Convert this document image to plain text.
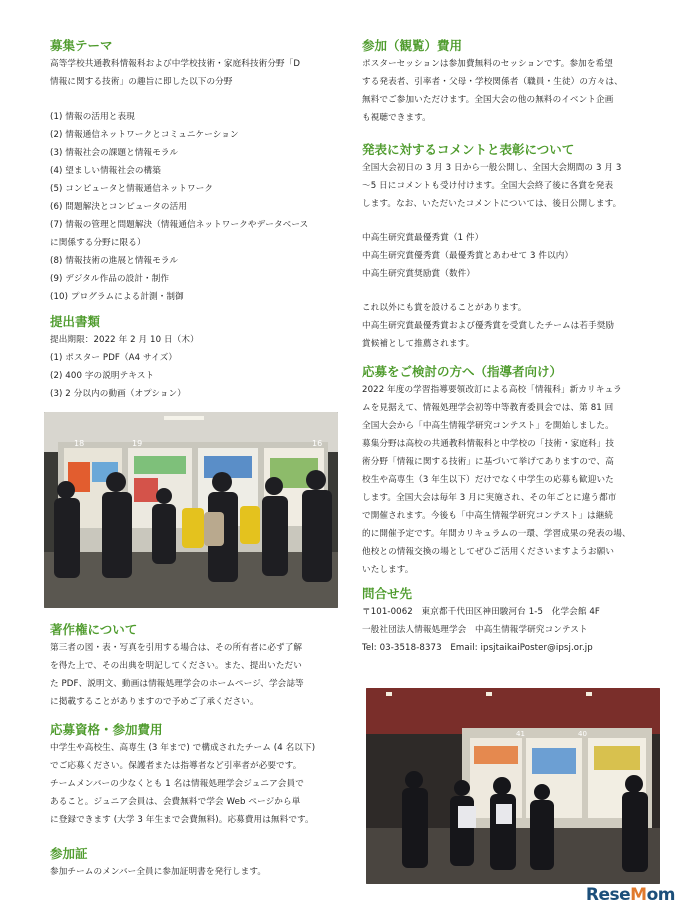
募集テーマ

高等学校共通教科情報科および中学校技術・家庭科技術分野「D
情報に関する技術」の趣旨に即した以下の分野

(1) 情報の活用と表現
(2) 情報通信ネットワークとコミュニケーション
(3) 情報社会の課題と情報モラル
(4) 望ましい情報社会の構築
(5) コンピュータと情報通信ネットワーク
(6) 問題解決とコンピュータの活用
(7) 情報の管理と問題解決（情報通信ネットワークやデータベース
に関係する分野に限る）
(8) 情報技術の進展と情報モラル
(9) デジタル作品の設計・制作
(10) プログラムによる計測・制御

提出書類

提出期限：2022 年 2 月 10 日（木）
(1) ポスター PDF（A4 サイズ）
(2) 400 字の説明テキスト
(3) 2 分以内の動画（オプション）

著作権について

第三者の図・表・写真を引用する場合は、その所有者に必ず了解
を得た上で、その出典を明記してください。また、提出いただい
た PDF、説明文、動画は情報処理学会のホームページ、学会誌等
に掲載することがありますので予めご了承ください。

応募資格・参加費用

中学生や高校生、高専生 (3 年まで) で構成されたチーム (4 名以下)
でご応募ください。保護者または指導者など引率者が必要です。
チームメンバーの少なくとも 1 名は情報処理学会ジュニア会員で
あること。ジュニア会員は、会費無料で学会 Web ページから単
に登録できます (大学 3 年生まで会費無料)。応募費用は無料です。

参加証

参加チームのメンバー全員に参加証明書を発行します。

18	19	16
参加（観覧）費用

ポスターセッションは参加費無料のセッションです。参加を希望
する発表者、引率者・父母・学校関係者（職員・生徒）の方々は、
無料でご参加いただけます。全国大会の他の無料のイベント企画
も視聴できます。

発表に対するコメントと表彰について

全国大会初日の 3 月 3 日から一般公開し、全国大会期間の 3 月 3
〜5 日にコメントも受け付けます。全国大会終了後に各賞を発表
します。なお、いただいたコメントについては、後日公開します。

中高生研究賞最優秀賞（1 件）
中高生研究賞優秀賞（最優秀賞とあわせて 3 件以内）
中高生研究賞奨励賞（数件）

これ以外にも賞を設けることがあります。
中高生研究賞最優秀賞および優秀賞を受賞したチームは若手奨励
賞候補として推薦されます。

応募をご検討の方へ（指導者向け）

2022 年度の学習指導要領改訂による高校「情報科」新カリキュラ
ムを見据えて、情報処理学会初等中等教育委員会では、第 81 回
全国大会から「中高生情報学研究コンテスト」を開始しました。
募集分野は高校の共通教科情報科と中学校の「技術・家庭科」技
術分野「情報に関する技術」に基づいて挙げてありますので、高
校生や高専生（3 年生以下）だけでなく中学生の応募も歓迎いた
します。全国大会は毎年 3 月に実施され、その年ごとに違う都市
で開催されます。今後も「中高生情報学研究コンテスト」は継続
的に開催予定です。年間カリキュラムの一環、学習成果の発表の場、
他校との情報交換の場としてぜひご活用くださいますようお願い
いたします。

問合せ先

〒101-0062　東京都千代田区神田駿河台 1-5　化学会館 4F
一般社団法人情報処理学会　中高生情報学研究コンテスト
Tel: 03-3518-8373　Email: ipsjtaikaiPoster@ipsj.or.jp

41	40
ReseMom
